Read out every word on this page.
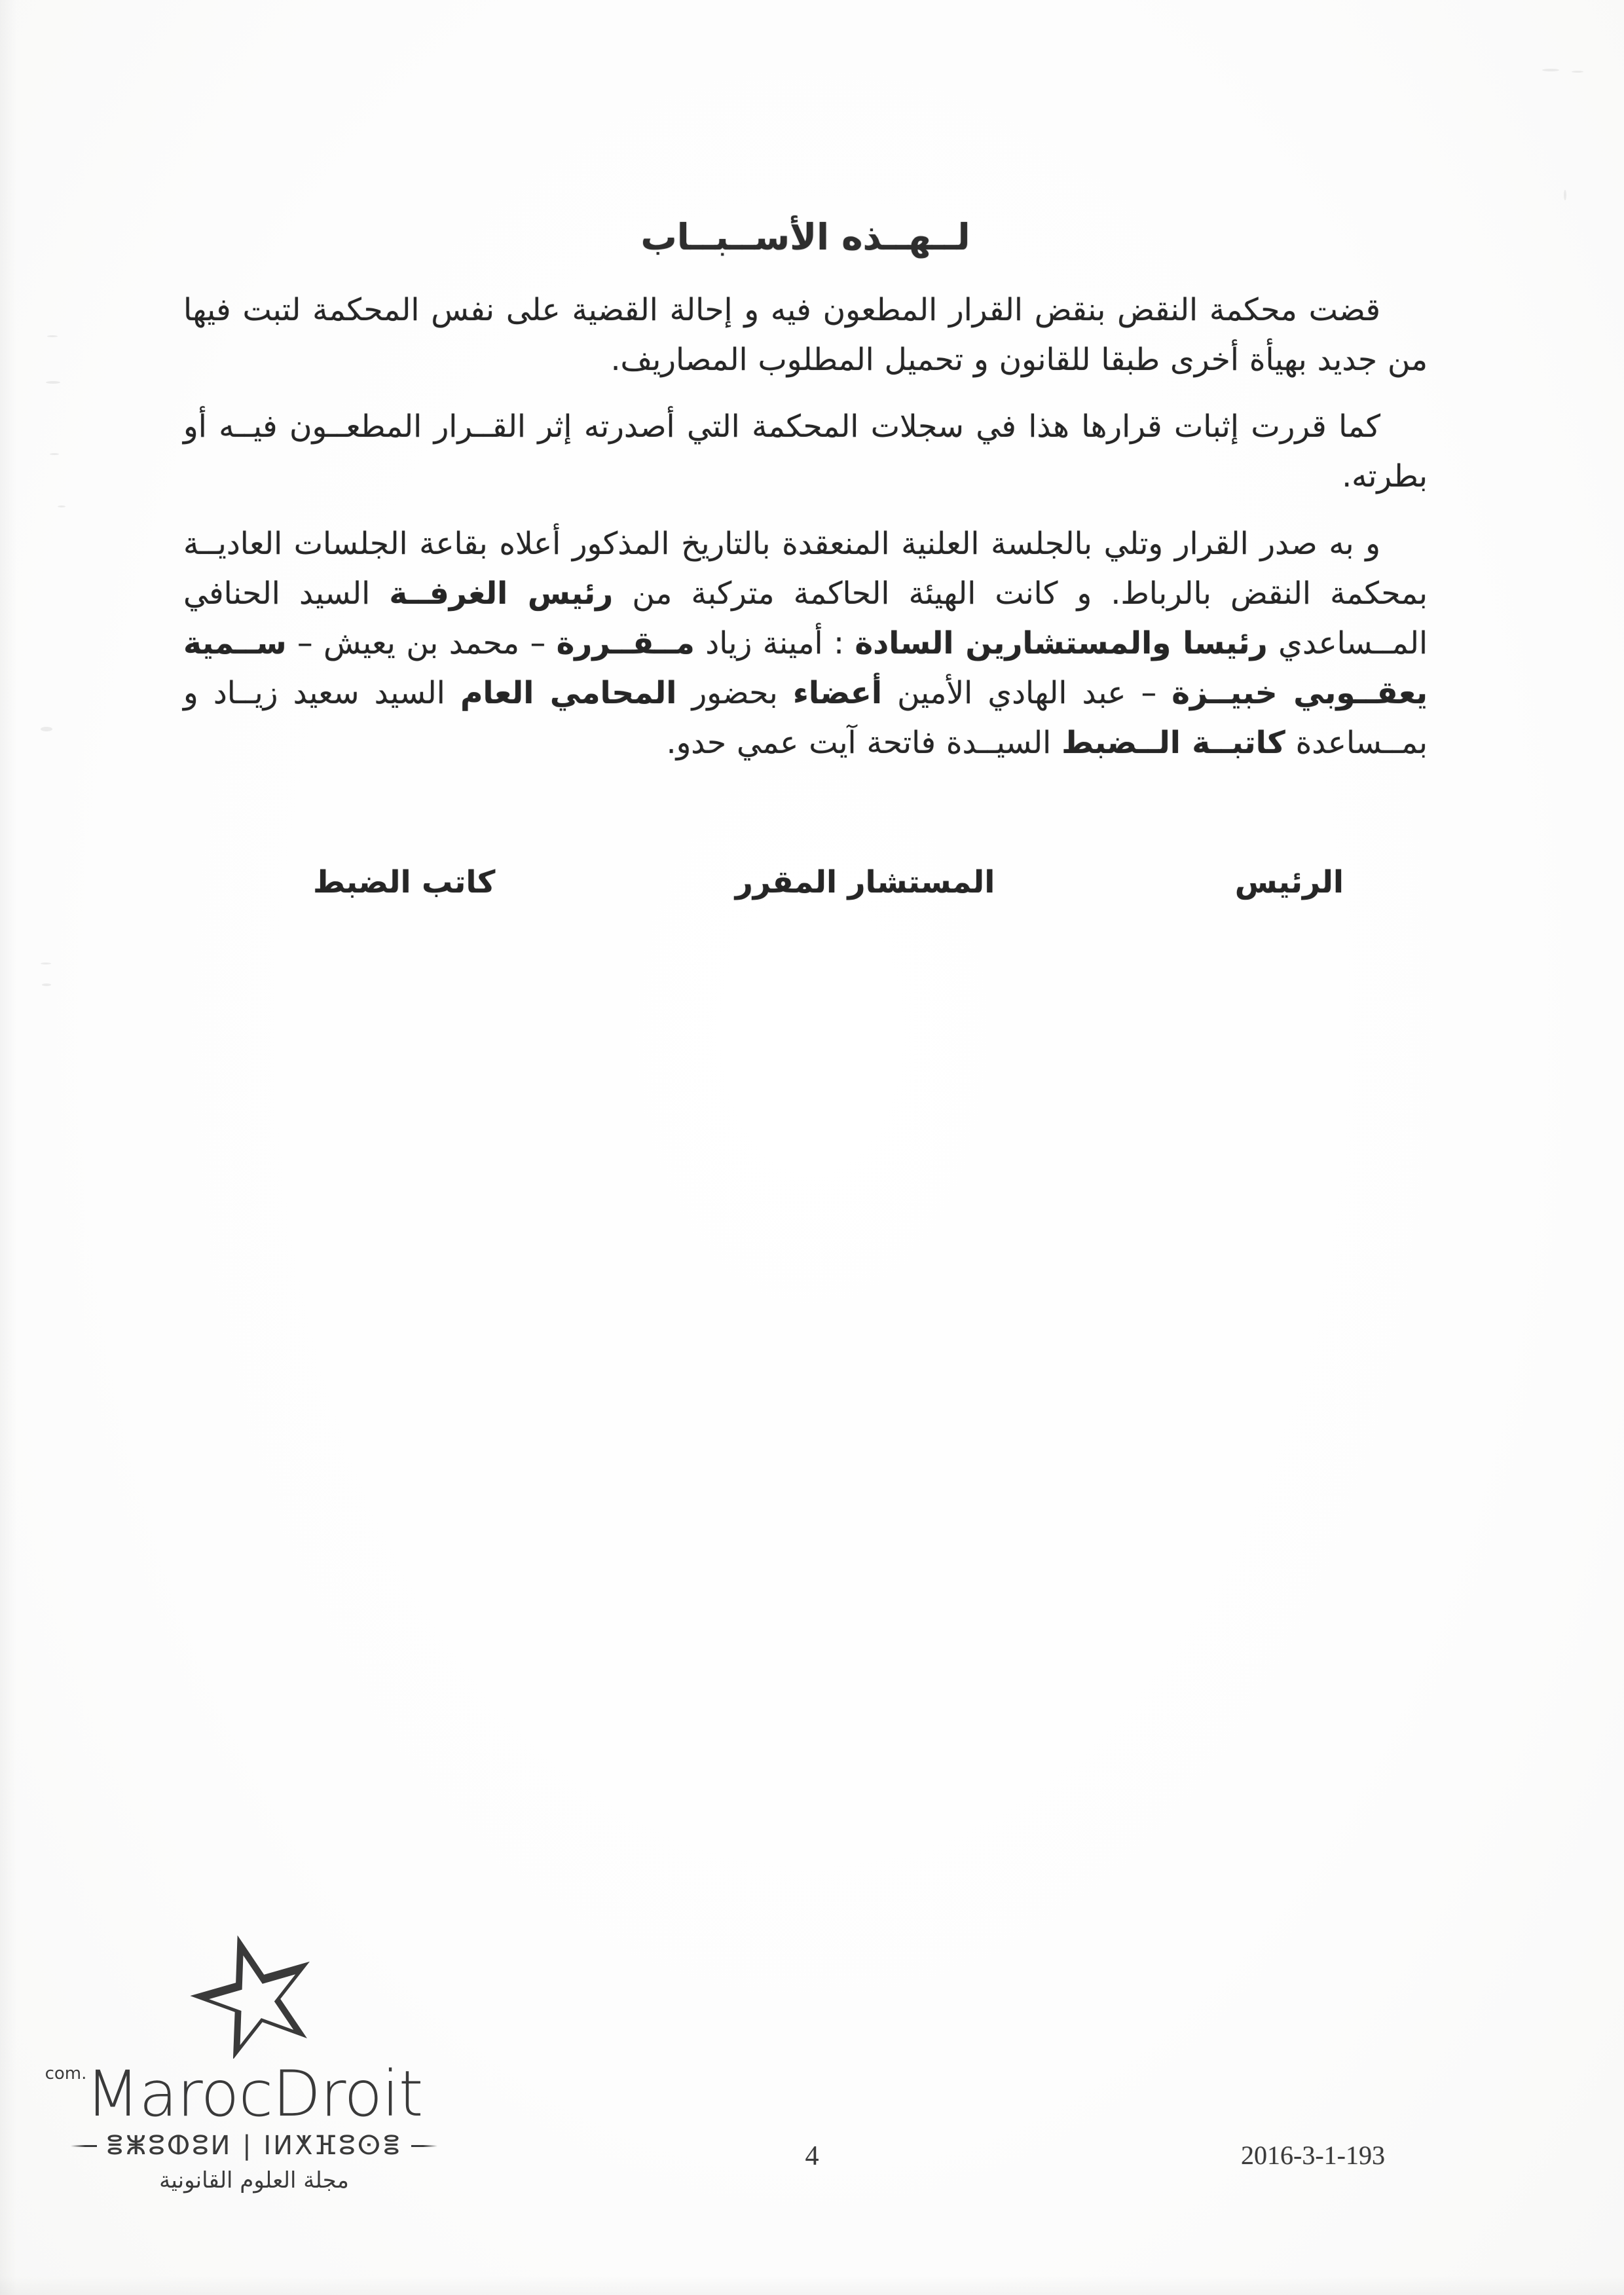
لــهــذه الأســبــاب

قضت محكمة النقض بنقض القرار المطعون فيه و إحالة القضية على نفس المحكمة لتبت فيها من جديد بهيأة أخرى طبقا للقانون و تحميل المطلوب المصاريف.

كما قررت إثبات قرارها هذا في سجلات المحكمة التي أصدرته إثر القــرار المطعــون فيــه أو بطرته.

و به صدر القرار وتلي بالجلسة العلنية المنعقدة بالتاريخ المذكور أعلاه بقاعة الجلسات العاديــة بمحكمة النقض بالرباط. و كانت الهيئة الحاكمة متركبة من رئيس الغرفــة السيد الحنافي المــساعدي رئيسا والمستشارين السادة : أمينة زياد مــقــررة – محمد بن يعيش – ســمية يعقــوبي خبيــزة – عبد الهادي الأمين أعضاء بحضور المحامي العام السيد سعيد زيــاد و بمــساعدة كاتبــة الــضبط السيــدة فاتحة آيت عمي حدو.

الرئيس
المستشار المقرر
كاتب الضبط
MarocDroit
.com
ⴻⵥⵓⵀⵓⵍ | ⵏⵍⵅⴼⵓⵙⴻ
مجلة العلوم القانونية
4	2016-3-1-193
